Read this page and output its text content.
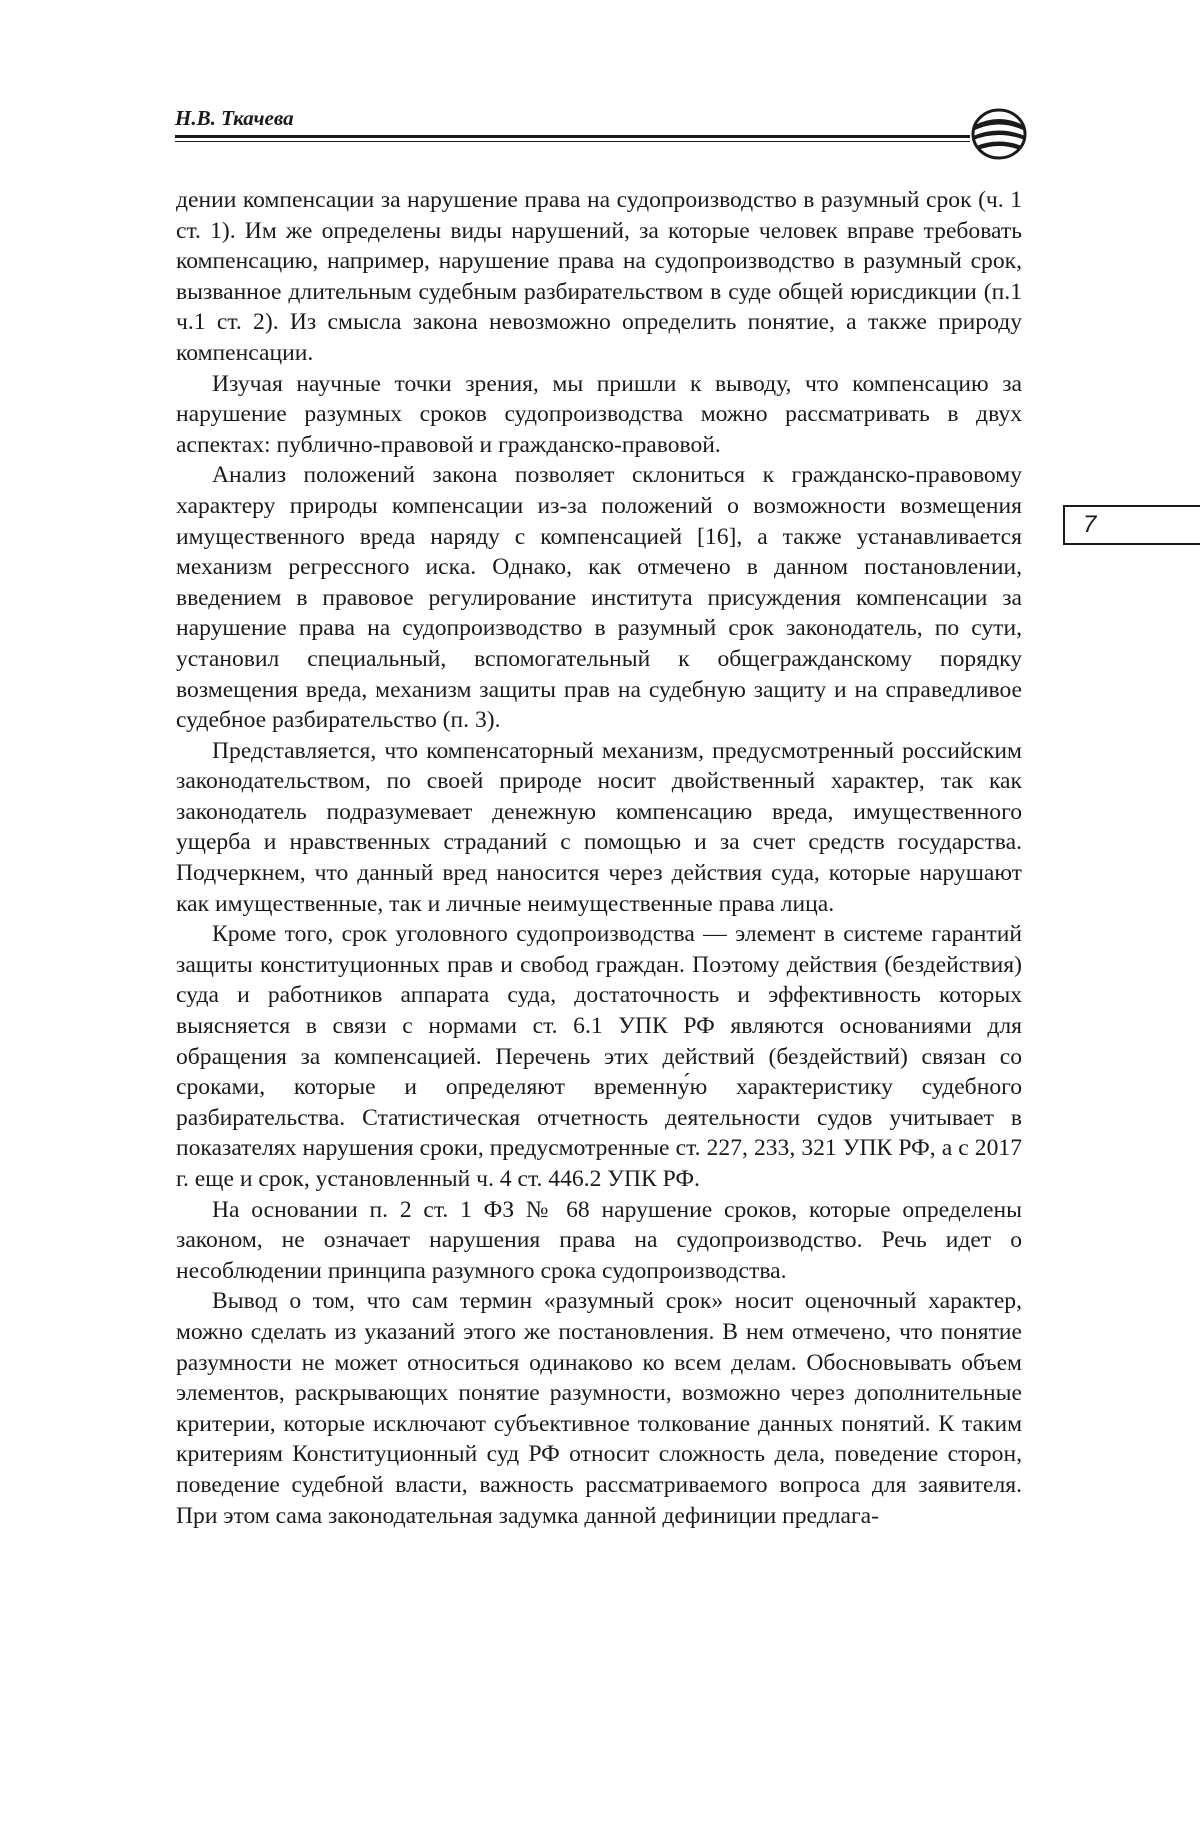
Н.В. Ткачева
7

дении компенсации за нарушение права на судопроизводство в разумный срок (ч. 1 ст. 1). Им же определены виды нарушений, за которые человек вправе требовать компенсацию, например, нарушение права на судопроизводство в разумный срок, вызванное длительным судебным разбирательством в суде общей юрисдикции (п.1 ч.1 ст. 2). Из смысла закона невозможно определить понятие, а также природу компенсации.

Изучая научные точки зрения, мы пришли к выводу, что компенсацию за нарушение разумных сроков судопроизводства можно рассматривать в двух аспектах: публично-правовой и гражданско-правовой.

Анализ положений закона позволяет склониться к гражданско-правовому характеру природы компенсации из-за положений о возможности возмещения имущественного вреда наряду с компенсацией [16], а также устанавливается механизм регрессного иска. Однако, как отмечено в данном постановлении, введением в правовое регулирование института присуждения компенсации за нарушение права на судопроизводство в разумный срок законодатель, по сути, установил специальный, вспомогательный к общегражданскому порядку возмещения вреда, механизм защиты прав на судебную защиту и на справедливое судебное разбирательство (п. 3).

Представляется, что компенсаторный механизм, предусмотренный российским законодательством, по своей природе носит двойственный характер, так как законодатель подразумевает денежную компенсацию вреда, имущественного ущерба и нравственных страданий с помощью и за счет средств государства. Подчеркнем, что данный вред наносится через действия суда, которые нарушают как имущественные, так и личные неимущественные права лица.

Кроме того, срок уголовного судопроизводства — элемент в системе гарантий защиты конституционных прав и свобод граждан. Поэтому действия (бездействия) суда и работников аппарата суда, достаточность и эффективность которых выясняется в связи с нормами ст. 6.1 УПК РФ являются основаниями для обращения за компенсацией. Перечень этих действий (бездействий) связан со сроками, которые и определяют временну́ю характеристику судебного разбирательства. Статистическая отчетность деятельности судов учитывает в показателях нарушения сроки, предусмотренные ст. 227, 233, 321 УПК РФ, а с 2017 г. еще и срок, установленный ч. 4 ст. 446.2 УПК РФ.

На основании п. 2 ст. 1 ФЗ № 68 нарушение сроков, которые определены законом, не означает нарушения права на судопроизводство. Речь идет о несоблюдении принципа разумного срока судопроизводства.

Вывод о том, что сам термин «разумный срок» носит оценочный характер, можно сделать из указаний этого же постановления. В нем отмечено, что понятие разумности не может относиться одинаково ко всем делам. Обосновывать объем элементов, раскрывающих понятие разумности, возможно через дополнительные критерии, которые исключают субъективное толкование данных понятий. К таким критериям Конституционный суд РФ относит сложность дела, поведение сторон, поведение судебной власти, важность рассматриваемого вопроса для заявителя. При этом сама законодательная задумка данной дефиниции предлага-
